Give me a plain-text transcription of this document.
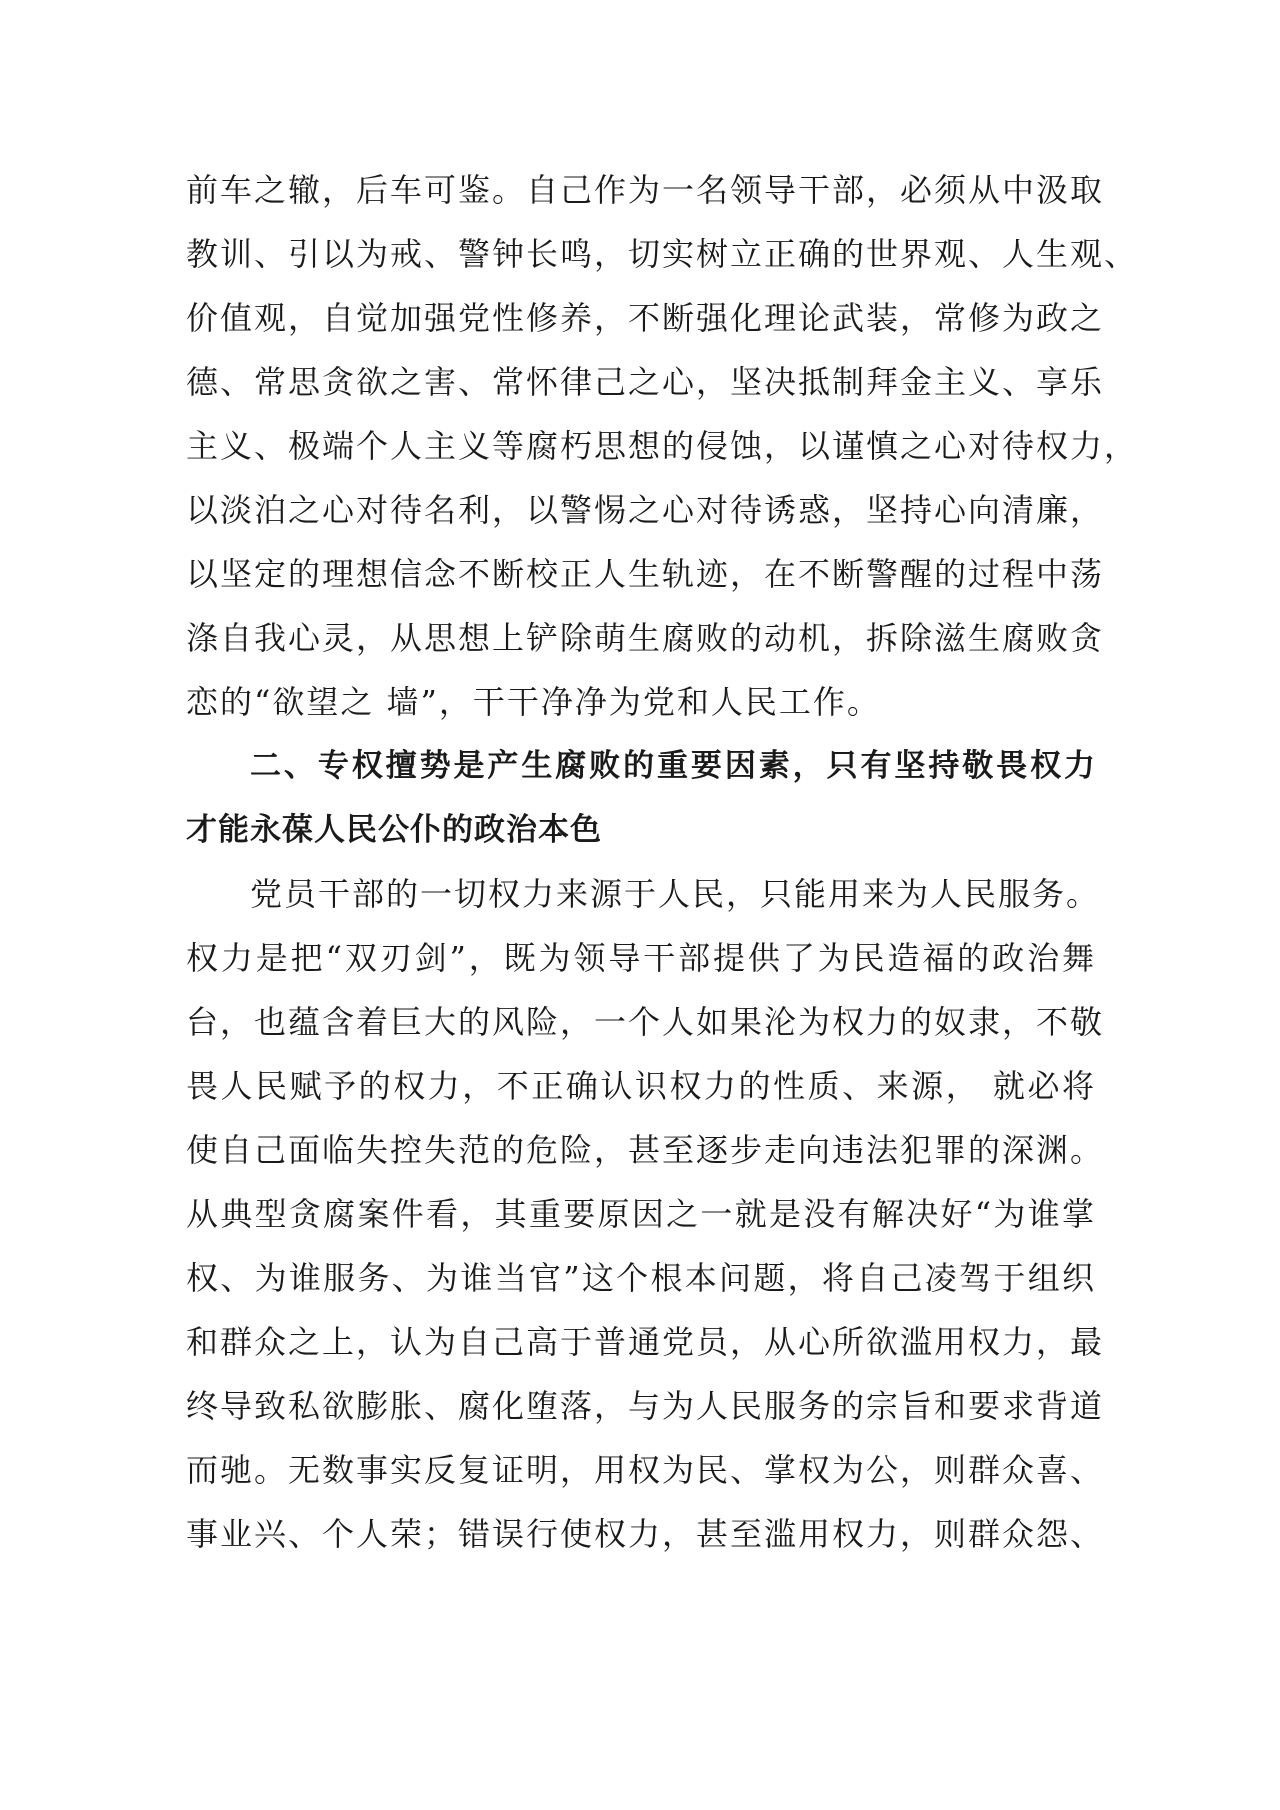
前车之辙，后车可鉴。自己作为一名领导干部，必须从中汲取
教训、引以为戒、警钟长鸣，切实树立正确的世界观、人生观、
价值观，自觉加强党性修养，不断强化理论武装，常修为政之
德、常思贪欲之害、常怀律己之心，坚决抵制拜金主义、享乐
主义、极端个人主义等腐朽思想的侵蚀，以谨慎之心对待权力，
以淡泊之心对待名利，以警惕之心对待诱惑，坚持心向清廉，
以坚定的理想信念不断校正人生轨迹，在不断警醒的过程中荡
涤自我心灵，从思想上铲除萌生腐败的动机，拆除滋生腐败贪
恋的“欲望之 墙”，干干净净为党和人民工作。
二、专权擅势是产生腐败的重要因素，只有坚持敬畏权力
才能永葆人民公仆的政治本色
党员干部的一切权力来源于人民，只能用来为人民服务。
权力是把“双刃剑”，既为领导干部提供了为民造福的政治舞
台，也蕴含着巨大的风险，一个人如果沦为权力的奴隶，不敬
畏人民赋予的权力，不正确认识权力的性质、来源， 就必将
使自己面临失控失范的危险，甚至逐步走向违法犯罪的深渊。
从典型贪腐案件看，其重要原因之一就是没有解决好“为谁掌
权、为谁服务、为谁当官”这个根本问题，将自己凌驾于组织
和群众之上，认为自己高于普通党员，从心所欲滥用权力，最
终导致私欲膨胀、腐化堕落，与为人民服务的宗旨和要求背道
而驰。无数事实反复证明，用权为民、掌权为公，则群众喜、
事业兴、个人荣；错误行使权力，甚至滥用权力，则群众怨、
